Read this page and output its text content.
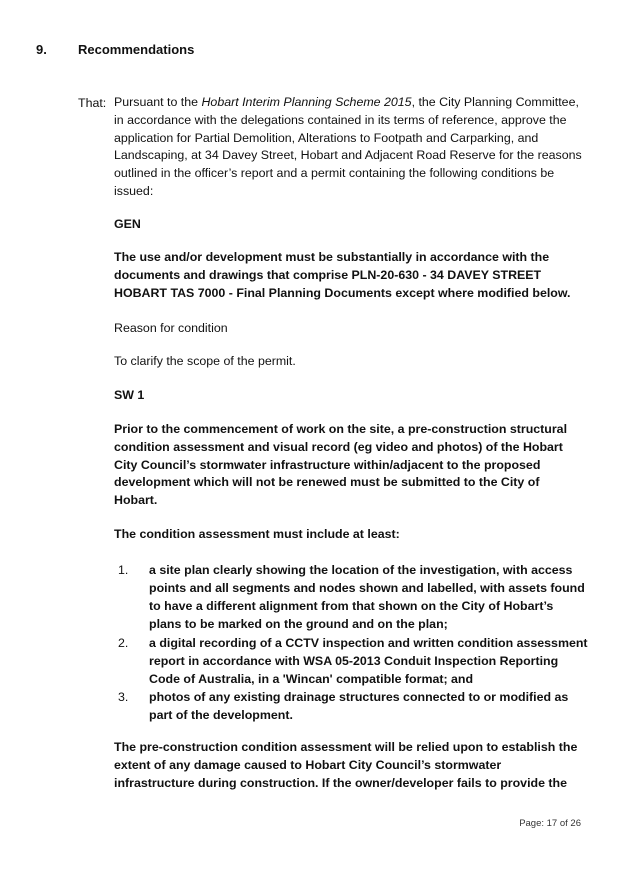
9. Recommendations
That: Pursuant to the Hobart Interim Planning Scheme 2015, the City Planning Committee, in accordance with the delegations contained in its terms of reference, approve the application for Partial Demolition, Alterations to Footpath and Carparking, and Landscaping, at 34 Davey Street, Hobart and Adjacent Road Reserve for the reasons outlined in the officer’s report and a permit containing the following conditions be issued:
GEN
The use and/or development must be substantially in accordance with the documents and drawings that comprise PLN-20-630 - 34 DAVEY STREET HOBART TAS 7000 - Final Planning Documents except where modified below.
Reason for condition
To clarify the scope of the permit.
SW 1
Prior to the commencement of work on the site, a pre-construction structural condition assessment and visual record (eg video and photos) of the Hobart City Council’s stormwater infrastructure within/adjacent to the proposed development which will not be renewed must be submitted to the City of Hobart.
The condition assessment must include at least:
1.	a site plan clearly showing the location of the investigation, with access points and all segments and nodes shown and labelled, with assets found to have a different alignment from that shown on the City of Hobart’s plans to be marked on the ground and on the plan;
2.	a digital recording of a CCTV inspection and written condition assessment report in accordance with WSA 05-2013 Conduit Inspection Reporting Code of Australia, in a 'Wincan' compatible format; and
3.	photos of any existing drainage structures connected to or modified as part of the development.
The pre-construction condition assessment will be relied upon to establish the extent of any damage caused to Hobart City Council’s stormwater infrastructure during construction. If the owner/developer fails to provide the
Page: 17 of 26
